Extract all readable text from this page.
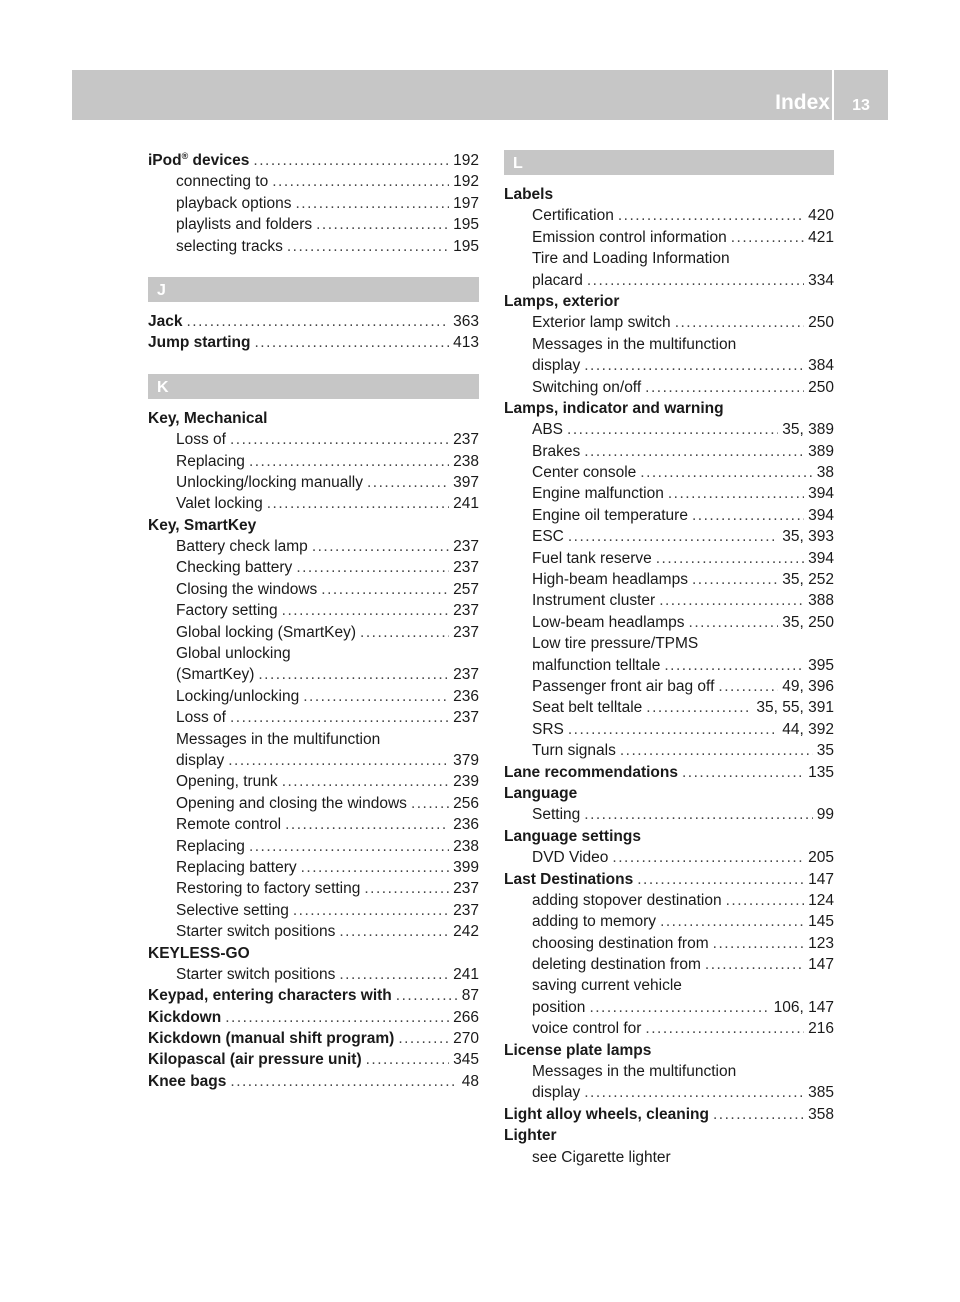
Index	13
iPod® devices .....	192
connecting to .....	192
playback options .....	197
playlists and folders .....	195
selecting tracks .....	195
J
Jack .....	363
Jump starting .....	413
K
Key, Mechanical
Loss of .....	237
Replacing .....	238
Unlocking/locking manually .....	397
Valet locking .....	241
Key, SmartKey
Battery check lamp .....	237
Checking battery .....	237
Closing the windows .....	257
Factory setting .....	237
Global locking (SmartKey) .....	237
Global unlocking
(SmartKey) .....	237
Locking/unlocking .....	236
Loss of .....	237
Messages in the multifunction
display .....	379
Opening, trunk .....	239
Opening and closing the windows .....	256
Remote control .....	236
Replacing .....	238
Replacing battery .....	399
Restoring to factory setting .....	237
Selective setting .....	237
Starter switch positions .....	242
KEYLESS-GO
Starter switch positions .....	241
Keypad, entering characters with .....	87
Kickdown .....	266
Kickdown (manual shift program) .....	270
Kilopascal (air pressure unit) .....	345
Knee bags .....	48
L
Labels
Certification .....	420
Emission control information .....	421
Tire and Loading Information
placard .....	334
Lamps, exterior
Exterior lamp switch .....	250
Messages in the multifunction
display .....	384
Switching on/off .....	250
Lamps, indicator and warning
ABS .....	35, 389
Brakes .....	389
Center console .....	38
Engine malfunction .....	394
Engine oil temperature .....	394
ESC .....	35, 393
Fuel tank reserve .....	394
High-beam headlamps .....	35, 252
Instrument cluster .....	388
Low-beam headlamps .....	35, 250
Low tire pressure/TPMS
malfunction telltale .....	395
Passenger front air bag off .....	49, 396
Seat belt telltale .....	35, 55, 391
SRS .....	44, 392
Turn signals .....	35
Lane recommendations .....	135
Language
Setting .....	99
Language settings
DVD Video .....	205
Last Destinations .....	147
adding stopover destination .....	124
adding to memory .....	145
choosing destination from .....	123
deleting destination from .....	147
saving current vehicle
position .....	106, 147
voice control for .....	216
License plate lamps
Messages in the multifunction
display .....	385
Light alloy wheels, cleaning .....	358
Lighter
see Cigarette lighter
